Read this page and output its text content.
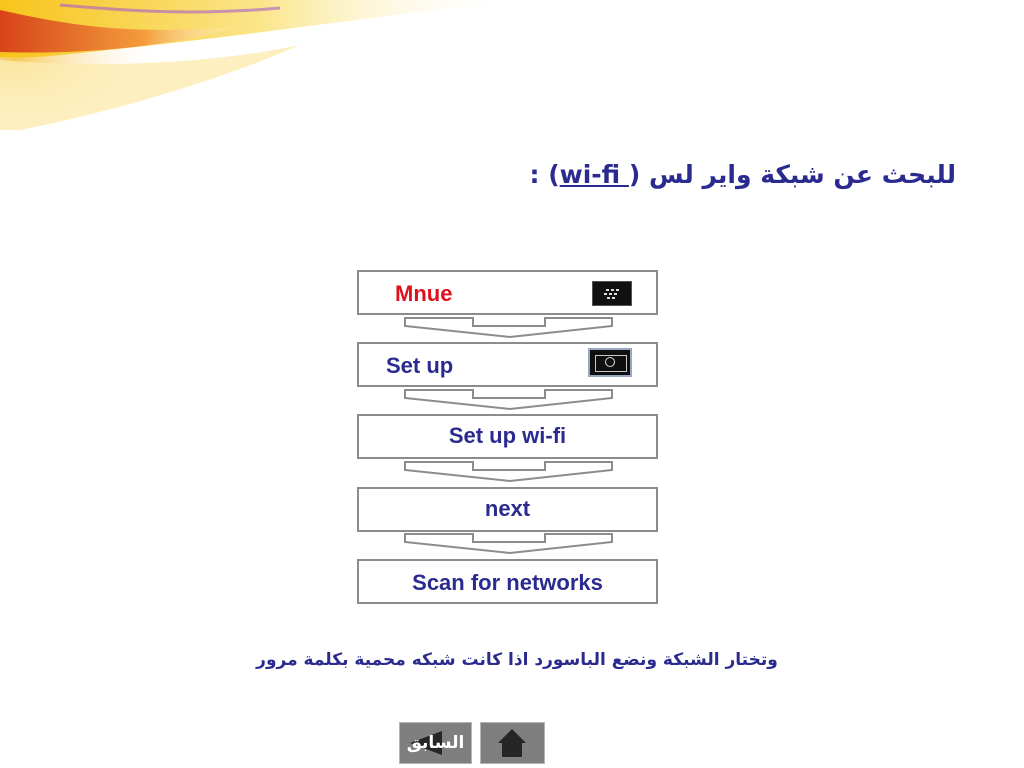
للبحث عن شبكة واير لس (wi-fi ) :
Mnue
Set up
Set up wi-fi
next
Scan for networks
وتختار الشبكة ونضع الباسورد اذا كانت شبكه محمية بكلمة مرور
السابق
